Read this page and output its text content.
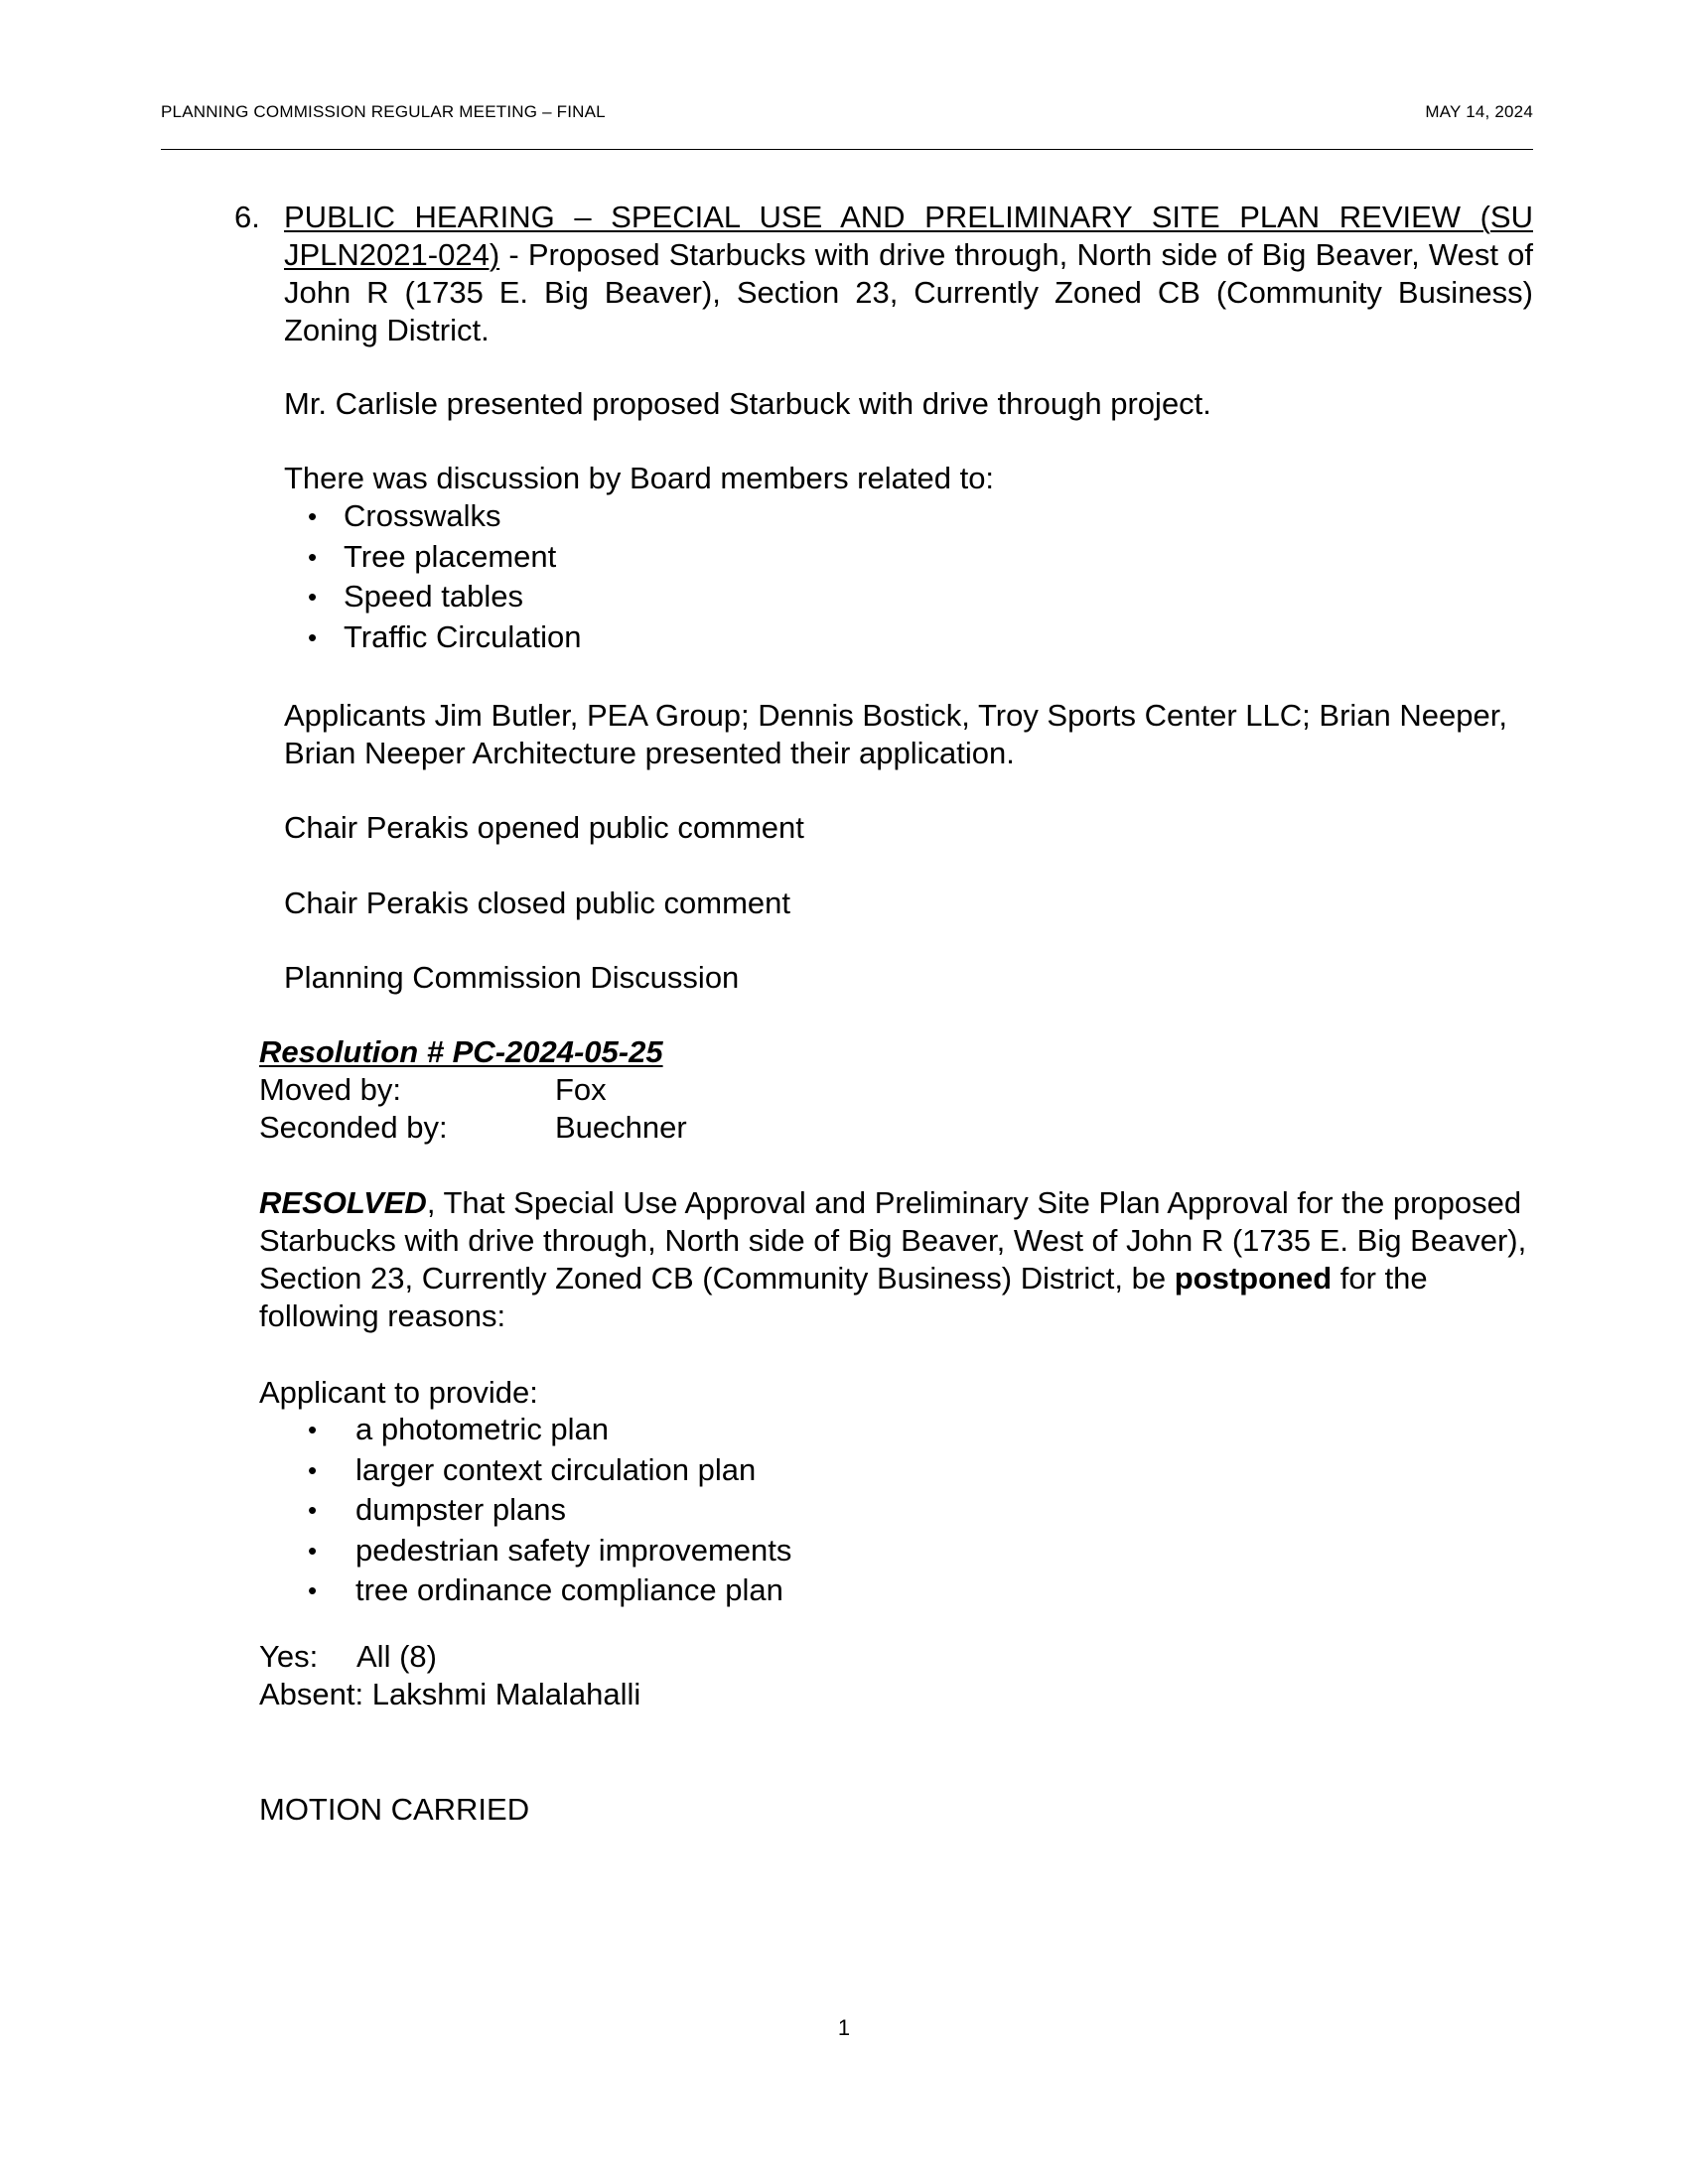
PLANNING COMMISSION REGULAR MEETING – FINAL	MAY 14, 2024
6. PUBLIC HEARING – SPECIAL USE AND PRELIMINARY SITE PLAN REVIEW (SU JPLN2021-024) - Proposed Starbucks with drive through, North side of Big Beaver, West of John R (1735 E. Big Beaver), Section 23, Currently Zoned CB (Community Business) Zoning District.
Mr. Carlisle presented proposed Starbuck with drive through project.
There was discussion by Board members related to:
• Crosswalks
• Tree placement
• Speed tables
• Traffic Circulation
Applicants Jim Butler, PEA Group; Dennis Bostick, Troy Sports Center LLC; Brian Neeper, Brian Neeper Architecture presented their application.
Chair Perakis opened public comment
Chair Perakis closed public comment
Planning Commission Discussion
Resolution # PC-2024-05-25
Moved by:	Fox
Seconded by:	Buechner
RESOLVED, That Special Use Approval and Preliminary Site Plan Approval for the proposed Starbucks with drive through, North side of Big Beaver, West of John R (1735 E. Big Beaver), Section 23, Currently Zoned CB (Community Business) District, be postponed for the following reasons:
Applicant to provide:
• a photometric plan
• larger context circulation plan
• dumpster plans
• pedestrian safety improvements
• tree ordinance compliance plan
Yes: All (8)
Absent: Lakshmi Malalahalli
MOTION CARRIED
1
